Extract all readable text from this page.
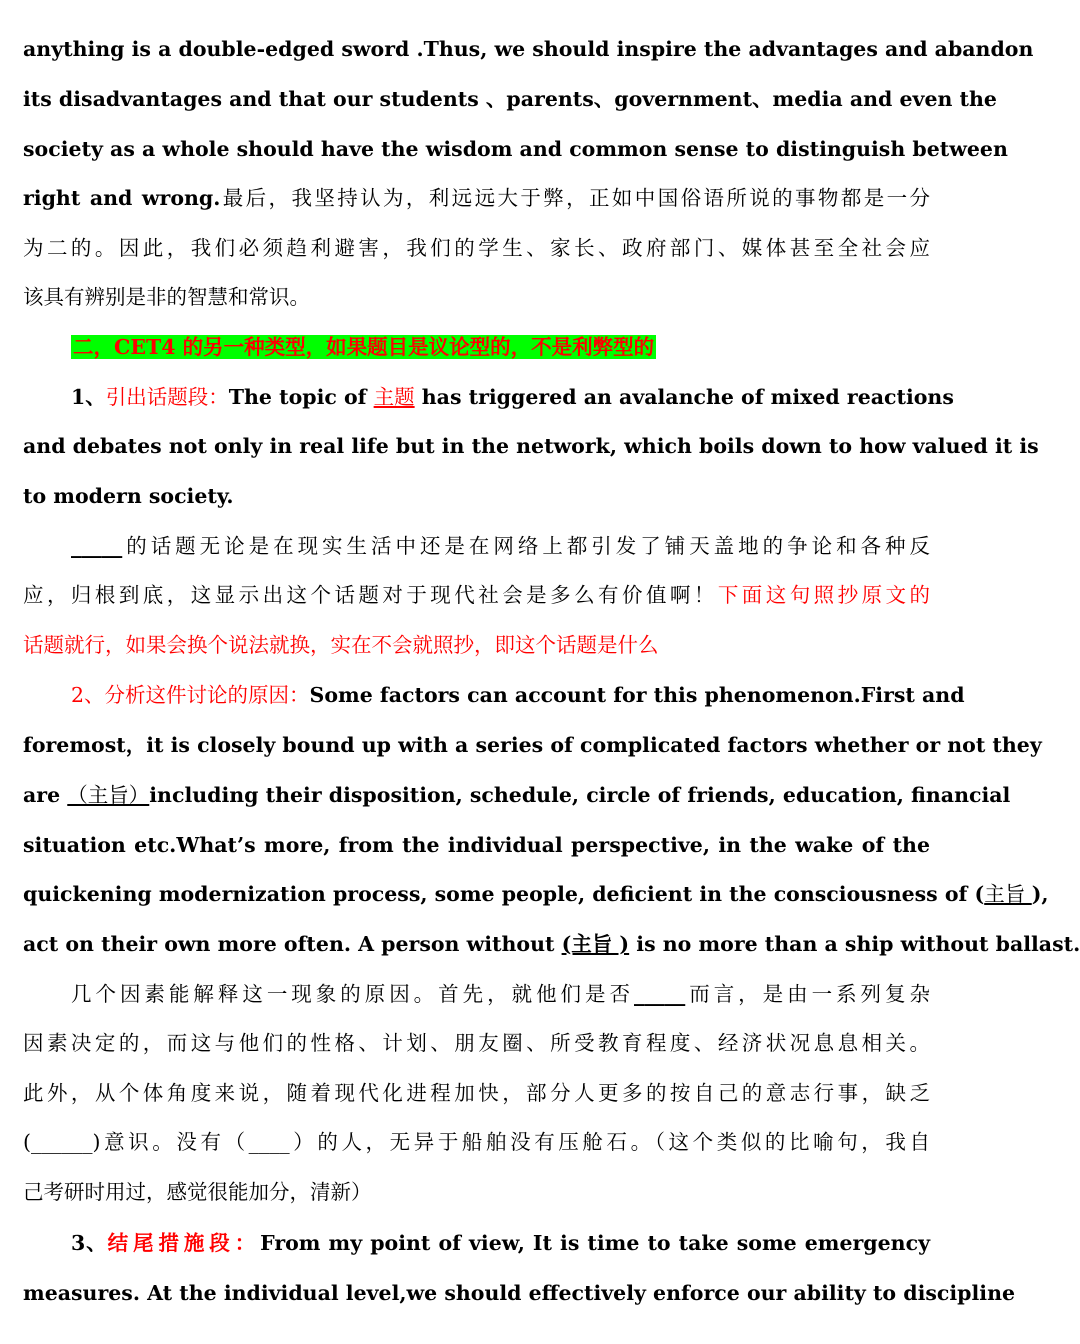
anything is a double-edged sword .Thus, we should inspire the advantages and abandon
its disadvantages and that our students 、parents、government、media and even the
society as a whole should have the wisdom and common sense to distinguish between
right and wrong.最后，我坚持认为，利远远大于弊，正如中国俗语所说的事物都是一分
为二的。因此，我们必须趋利避害，我们的学生、家长、政府部门、媒体甚至全社会应
该具有辨别是非的智慧和常识。
二，CET4 的另一种类型，如果题目是议论型的，不是利弊型的
1、引出话题段：The topic of 主题 has triggered an avalanche of mixed reactions
and debates not only in real life but in the network, which boils down to how valued it is
to modern society.
_____的话题无论是在现实生活中还是在网络上都引发了铺天盖地的争论和各种反
应，归根到底，这显示出这个话题对于现代社会是多么有价值啊！下面这句照抄原文的
话题就行，如果会换个说法就换，实在不会就照抄，即这个话题是什么
2、分析这件讨论的原因：Some factors can account for this phenomenon.First and
foremost，it is closely bound up with a series of complicated factors whether or not they
are （主旨）including their disposition, schedule, circle of friends, education, financial
situation etc.What’s more, from the individual perspective, in the wake of the
quickening modernization process, some people, deficient in the consciousness of (主旨 ),
act on their own more often. A person without (主旨 ) is no more than a ship without ballast.
几个因素能解释这一现象的原因。首先，就他们是否_____而言，是由一系列复杂
因素决定的，而这与他们的性格、计划、朋友圈、所受教育程度、经济状况息息相关。
此外，从个体角度来说，随着现代化进程加快，部分人更多的按自己的意志行事，缺乏
(______)意识。没有（____）的人，无异于船舶没有压舱石。（这个类似的比喻句，我自
己考研时用过，感觉很能加分，清新）
3、结尾措施段：From my point of view, It is time to take some emergency
measures. At the individual level,we should effectively enforce our ability to discipline
